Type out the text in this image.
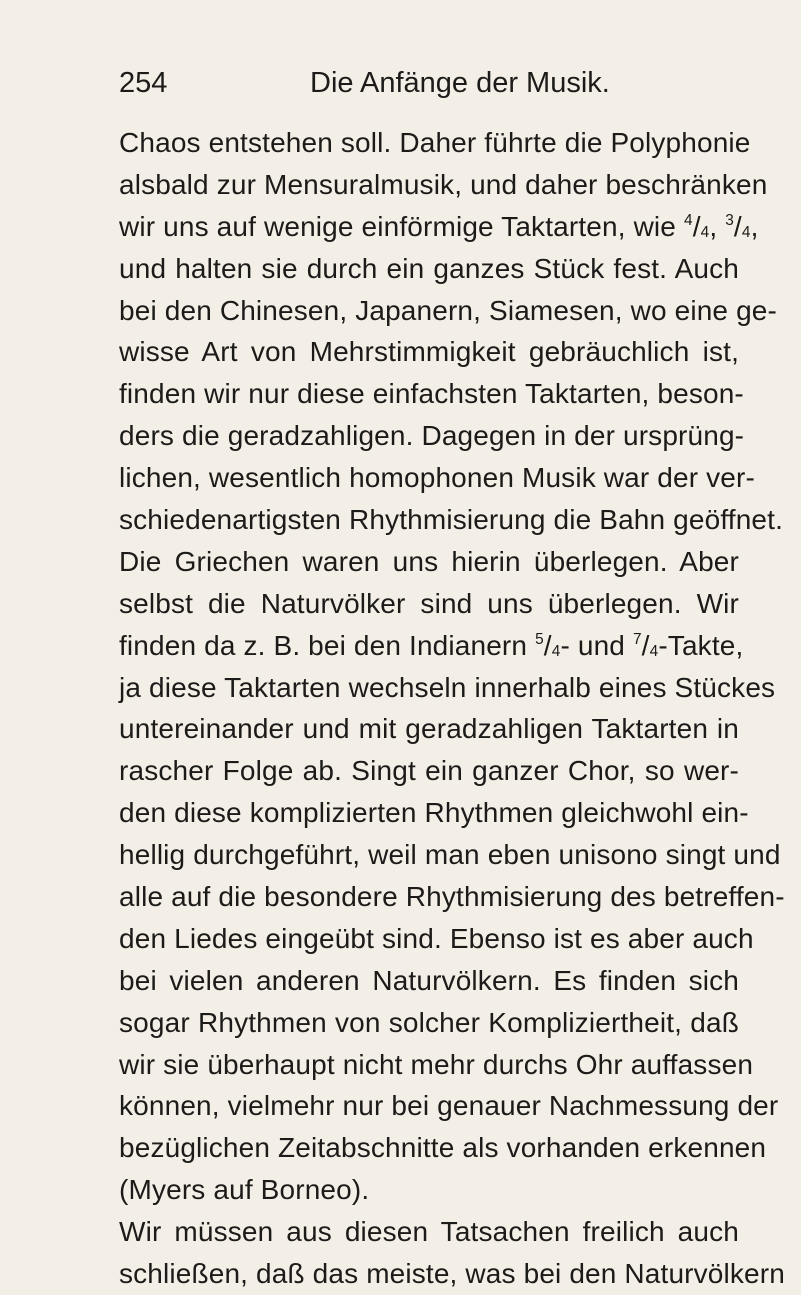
254	Die Anfänge der Musik.
Chaos entstehen soll. Daher führte die Polyphonie
alsbald zur Mensuralmusik, und daher beschränken
wir uns auf wenige einförmige Taktarten, wie $^4/_4$, $^3/_4$,
und halten sie durch ein ganzes Stück fest. Auch
bei den Chinesen, Japanern, Siamesen, wo eine ge-
wisse Art von Mehrstimmigkeit gebräuchlich ist,
finden wir nur diese einfachsten Taktarten, beson-
ders die geradzahligen. Dagegen in der ursprüng-
lichen, wesentlich homophonen Musik war der ver-
schiedenartigsten Rhythmisierung die Bahn geöffnet.
Die Griechen waren uns hierin überlegen. Aber
selbst die Naturvölker sind uns überlegen. Wir
finden da z. B. bei den Indianern $^5/_4-$ und $^7/_4$-Takte,
ja diese Taktarten wechseln innerhalb eines Stückes
untereinander und mit geradzahligen Taktarten in
rascher Folge ab. Singt ein ganzer Chor, so wer-
den diese komplizierten Rhythmen gleichwohl ein-
hellig durchgeführt, weil man eben unisono singt und
alle auf die besondere Rhythmisierung des betreffen-
den Liedes eingeübt sind. Ebenso ist es aber auch
bei vielen anderen Naturvölkern. Es finden sich
sogar Rhythmen von solcher Kompliziertheit, daß
wir sie überhaupt nicht mehr durchs Ohr auffassen
können, vielmehr nur bei genauer Nachmessung der
bezüglichen Zeitabschnitte als vorhanden erkennen
(Myers auf Borneo).
Wir müssen aus diesen Tatsachen freilich auch
schließen, daß das meiste, was bei den Naturvölkern
